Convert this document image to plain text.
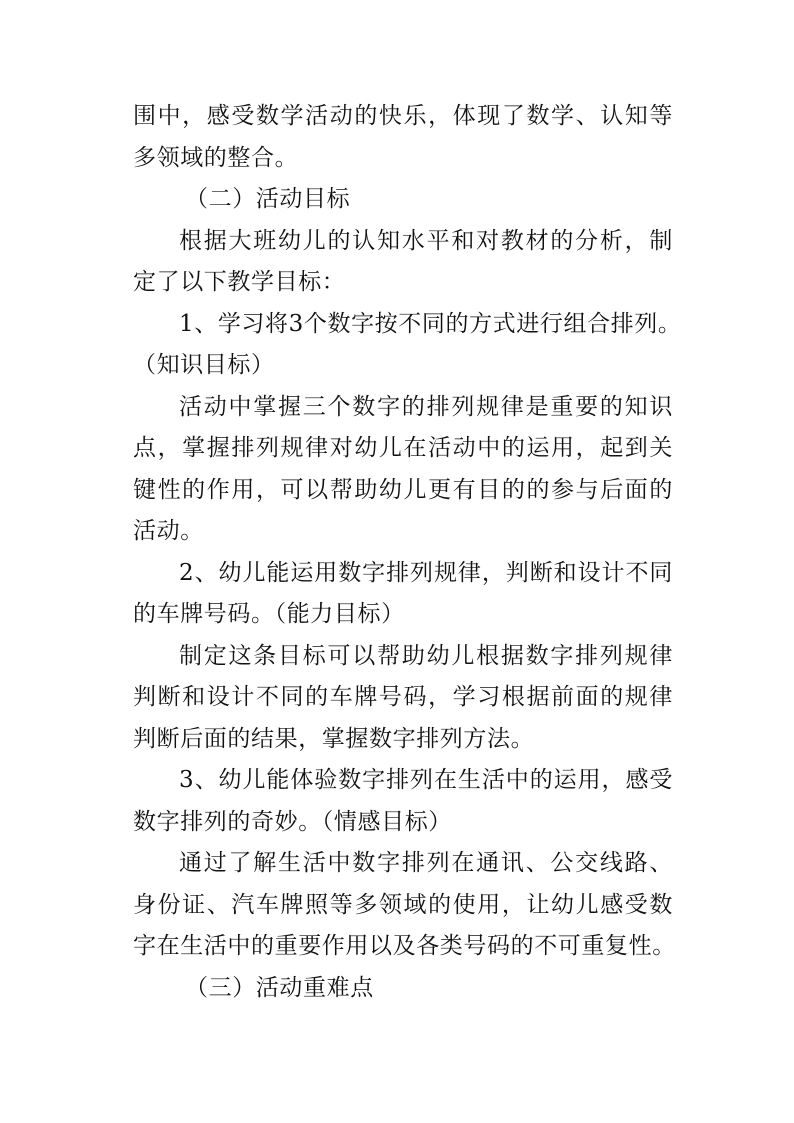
围中，感受数学活动的快乐，体现了数学、认知等
多领域的整合。
（二）活动目标
根据大班幼儿的认知水平和对教材的分析，制
定了以下教学目标：
1、学习将3个数字按不同的方式进行组合排列。
（知识目标）
活动中掌握三个数字的排列规律是重要的知识
点，掌握排列规律对幼儿在活动中的运用，起到关
键性的作用，可以帮助幼儿更有目的的参与后面的
活动。
2、幼儿能运用数字排列规律，判断和设计不同
的车牌号码。（能力目标）
制定这条目标可以帮助幼儿根据数字排列规律
判断和设计不同的车牌号码，学习根据前面的规律
判断后面的结果，掌握数字排列方法。
3、幼儿能体验数字排列在生活中的运用，感受
数字排列的奇妙。（情感目标）
通过了解生活中数字排列在通讯、公交线路、
身份证、汽车牌照等多领域的使用，让幼儿感受数
字在生活中的重要作用以及各类号码的不可重复性。
（三）活动重难点
